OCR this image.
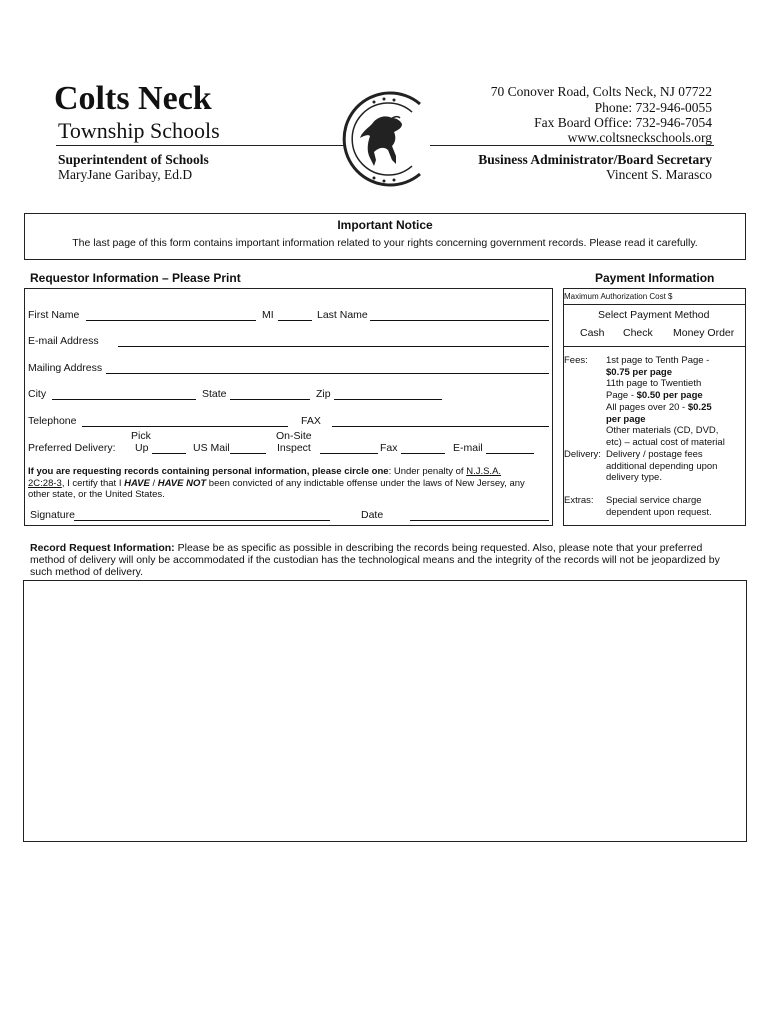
Colts Neck
Township Schools
Superintendent of Schools
MaryJane Garibay, Ed.D
70 Conover Road, Colts Neck, NJ 07722
Phone: 732-946-0055
Fax Board Office: 732-946-7054
www.coltsneckschools.org
Business Administrator/Board Secretary
Vincent S. Marasco
Important Notice
The last page of this form contains important information related to your rights concerning government records. Please read it carefully.
Requestor Information – Please Print	Payment Information
First Name	MI	Last Name
E-mail Address
Mailing Address
City	State	Zip
Telephone	FAX
Preferred Delivery:
Pick
Up	US Mail
On-Site
Inspect	Fax	E-mail
If you are requesting records containing personal information, please circle one: Under penalty of N.J.S.A.
2C:28-3, I certify that I HAVE / HAVE NOT been convicted of any indictable offense under the laws of New Jersey, any other state, or the United States.
Signature	Date
Maximum Authorization Cost $
Select Payment Method
Cash Check Money Order
Fees: 1st page to Tenth Page -
$0.75 per page
11th page to Twentieth
Page - $0.50 per page
All pages over 20 - $0.25
per page
Other materials (CD, DVD,
etc) – actual cost of material
Delivery: Delivery / postage fees
additional depending upon
delivery type.
Extras: Special service charge
dependent upon request.
Record Request Information: Please be as specific as possible in describing the records being requested. Also, please note that your preferred method of delivery will only be accommodated if the custodian has the technological means and the integrity of the records will not be jeopardized by such method of delivery.
